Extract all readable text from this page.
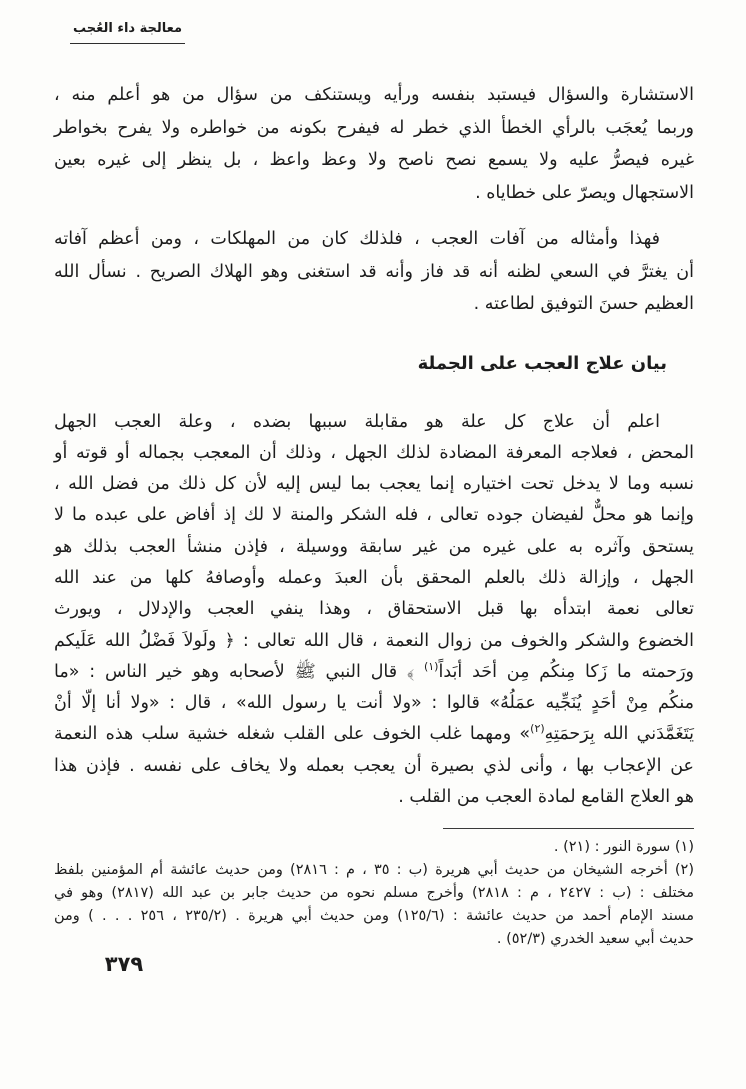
معالجة داء العُجب
الاستشارة والسؤال فيستبد بنفسه ورأيه ويستنكف من سؤال من هو أعلم منه ،
وربما يُعجَب بالرأي الخطأ الذي خطر له فيفرح بكونه من خواطره ولا يفرح بخواطر
غيره فيصرُّ عليه ولا يسمع نصح ناصح ولا وعظ واعظ ، بل ينظر إلى غيره بعين
الاستجهال ويصرّ على خطاياه .
فهذا وأمثاله من آفات العجب ، فلذلك كان من المهلكات ، ومن أعظم آفاته
أن يغترَّ في السعي لظنه أنه قد فاز وأنه قد استغنى وهو الهلاك الصريح . نسأل الله
العظيم حسنَ التوفيق لطاعته .
بيان علاج العجب على الجملة
اعلم أن علاج كل علة هو مقابلة سببها بضده ، وعلة العجب الجهل
المحض ، فعلاجه المعرفة المضادة لذلك الجهل ، وذلك أن المعجب بجماله أو قوته أو
نسبه وما لا يدخل تحت اختياره إنما يعجب بما ليس إليه لأن كل ذلك من فضل الله ،
وإنما هو محلٌّ لفيضان جوده تعالى ، فله الشكر والمنة لا لك إذ أفاض على عبده ما لا
يستحق وآثره به على غيره من غير سابقة ووسيلة ، فإذن منشأ العجب بذلك هو
الجهل ، وإزالة ذلك بالعلم المحقق بأن العبدَ وعمله وأوصافهُ كلها من عند الله
تعالى نعمة ابتدأه بها قبل الاستحقاق ، وهذا ينفي العجب والإدلال ، ويورث
الخضوع والشكر والخوف من زوال النعمة ، قال الله تعالى : ﴿ ولَولاَ فَضْلُ الله عَلَيكم
ورَحمته ما زَكا مِنكُم مِن أحَد أبَداً$^{(١)}$ ﴾ قال النبي ﷺ لأصحابه وهو خير الناس : «ما
منكُم مِنْ أحَدٍ يُنَجِّيه عمَلُهُ» قالوا : «ولا أنت يا رسول الله» ، قال : «ولا أنا إلّا أنْ
يَتَغَمَّدَني الله بِرَحمَتِهِ$^{(٢)}$» ومهما غلب الخوف على القلب شغله خشية سلب هذه النعمة
عن الإعجاب بها ، وأنى لذي بصيرة أن يعجب بعمله ولا يخاف على نفسه . فإذن هذا
هو العلاج القامع لمادة العجب من القلب .
(١) سورة النور : (٢١) .
(٢) أخرجه الشيخان من حديث أبي هريرة (ب : ٣٥ ، م : ٢٨١٦) ومن حديث عائشة أم المؤمنين بلفظ
مختلف : (ب : ٢٤٢٧ ، م : ٢٨١٨) وأخرج مسلم نحوه من حديث جابر بن عبد الله (٢٨١٧) وهو في
مسند الإمام أحمد من حديث عائشة : (١٢٥/٦) ومن حديث أبي هريرة . (٢٣٥/٢ ، ٢٥٦ . . . ) ومن
حديث أبي سعيد الخدري (٥٢/٣) .
٣٧٩
